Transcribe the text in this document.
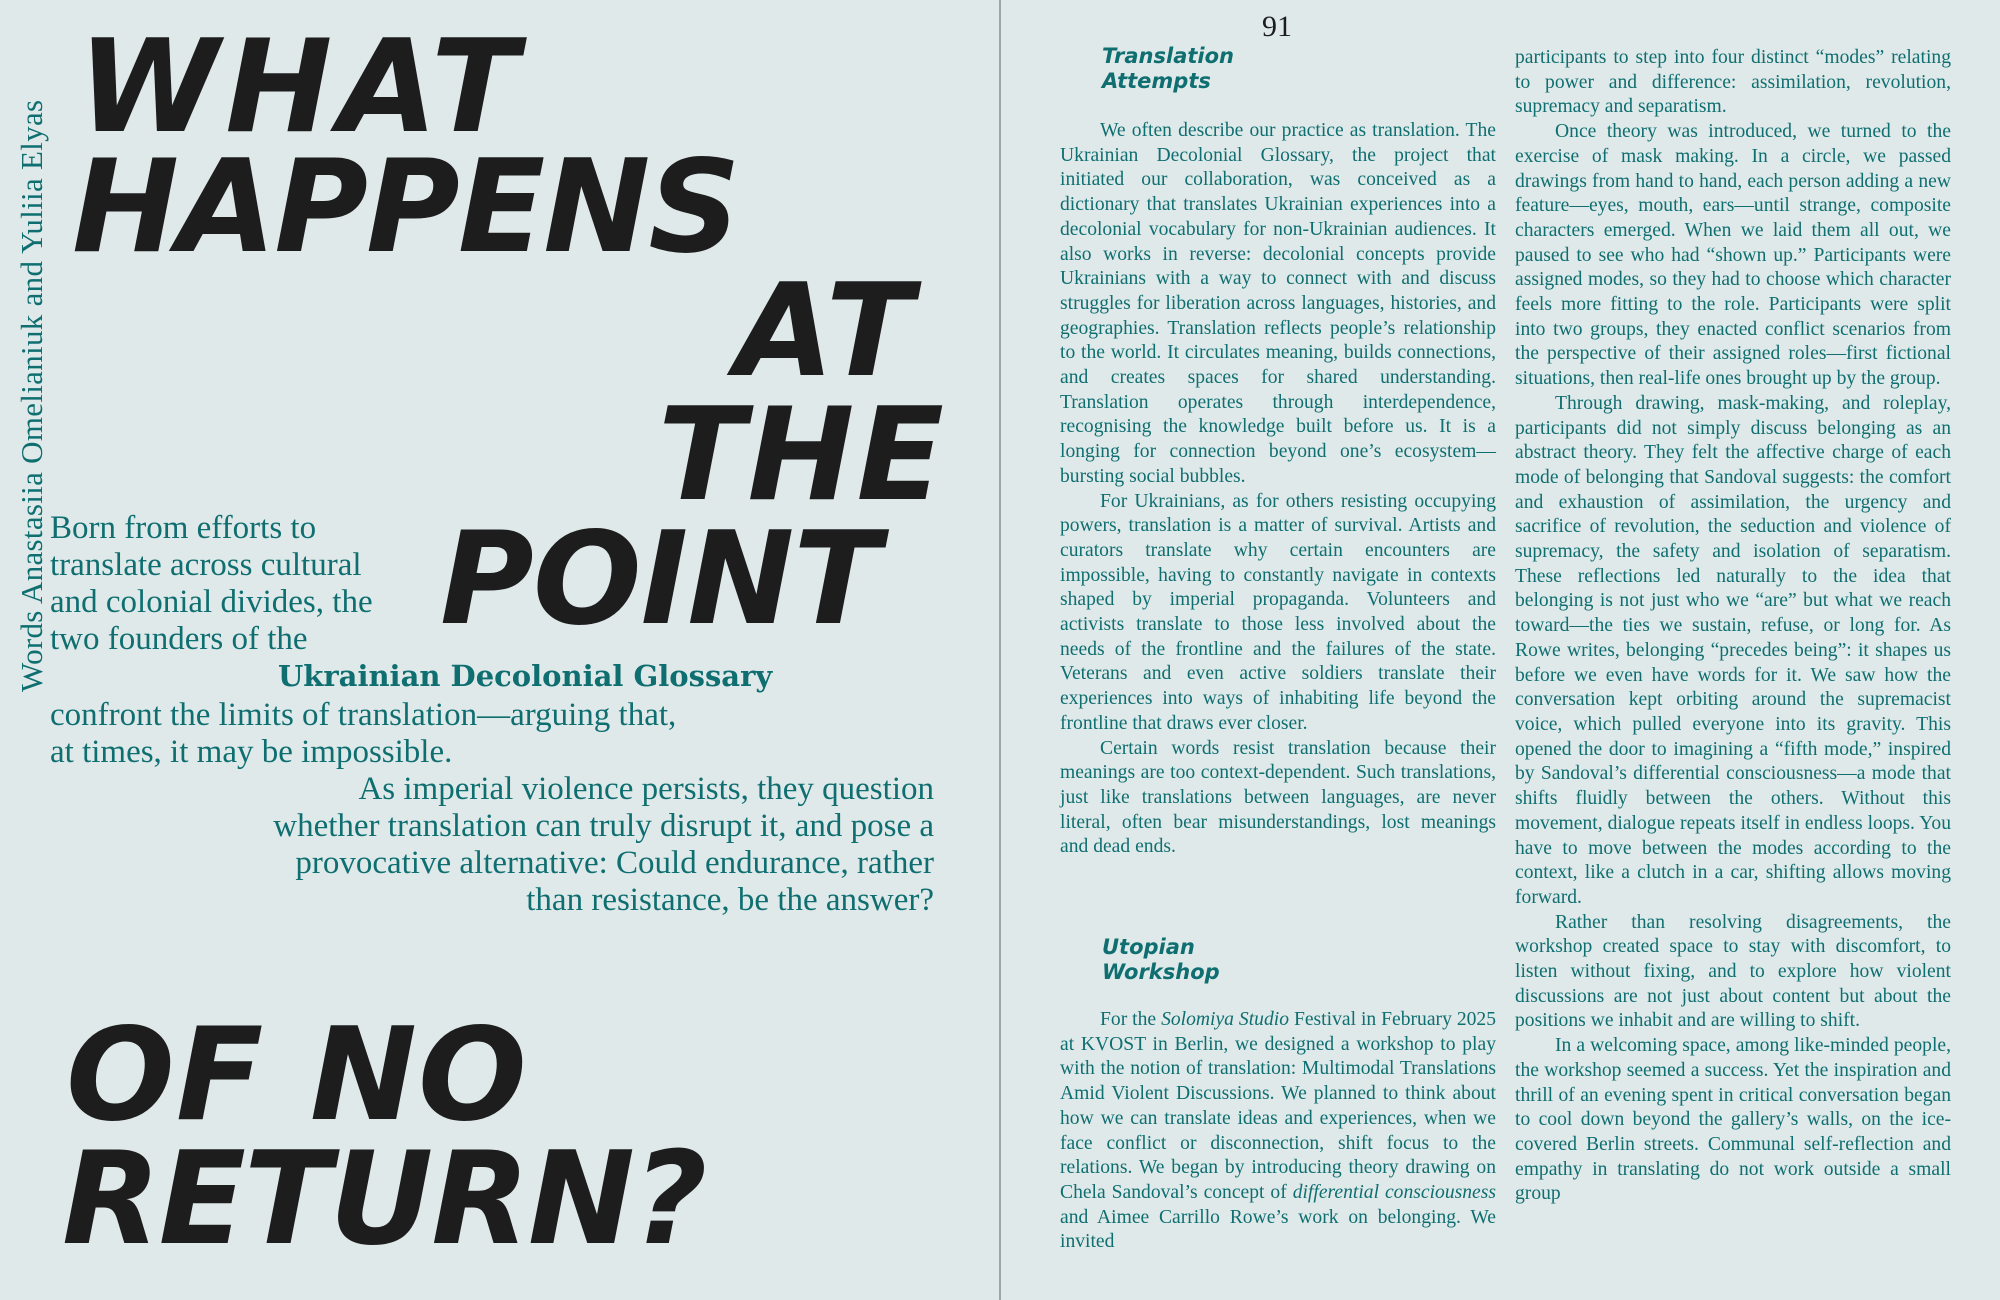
Words Anastasiia Omelianiuk and Yuliia Elyas
WHAT
HAPPENS
AT
THE
POINT
OF NO
RETURN?
Born from efforts to translate across cultural and colonial divides, the two founders of the
Ukrainian Decolonial Glossary
confront the limits of translation—arguing that,
at times, it may be impossible.
As imperial violence persists, they question whether translation can truly disrupt it, and pose a provocative alternative: Could endurance, rather than resistance, be the answer?
91
Translation
Attempts

We often describe our practice as translation. The Ukrainian Decolonial Glossary, the project that initiated our collaboration, was conceived as a dictionary that translates Ukrainian experiences into a decolonial vocabulary for non-Ukrainian audiences. It also works in reverse: decolonial concepts provide Ukrainians with a way to connect with and discuss struggles for liberation across languages, histories, and geographies. Translation reflects people’s relationship to the world. It circulates meaning, builds connections, and creates spaces for shared understanding. Translation operates through interdependence, recognising the knowledge built before us. It is a longing for connection beyond one’s ecosystem—bursting social bubbles.

For Ukrainians, as for others resisting occupying powers, translation is a matter of survival. Artists and curators translate why certain encounters are impossible, having to constantly navigate in contexts shaped by imperial propaganda. Volunteers and activists translate to those less involved about the needs of the frontline and the failures of the state. Veterans and even active soldiers translate their experiences into ways of inhabiting life beyond the frontline that draws ever closer.

Certain words resist translation because their meanings are too context-dependent. Such translations, just like translations between languages, are never literal, often bear misunderstandings, lost meanings and dead ends.

Utopian
Workshop

For the Solomiya Studio Festival in February 2025 at KVOST in Berlin, we designed a workshop to play with the notion of translation: Multimodal Translations Amid Violent Discussions. We planned to think about how we can translate ideas and experiences, when we face conflict or disconnection, shift focus to the relations. We began by introducing theory drawing on Chela Sandoval’s concept of differential consciousness and Aimee Carrillo Rowe’s work on belonging. We invited

participants to step into four distinct “modes” relating to power and difference: assimilation, revolution, supremacy and separatism.

Once theory was introduced, we turned to the exercise of mask making. In a circle, we passed drawings from hand to hand, each person adding a new feature—eyes, mouth, ears—until strange, composite characters emerged. When we laid them all out, we paused to see who had “shown up.” Participants were assigned modes, so they had to choose which character feels more fitting to the role. Participants were split into two groups, they enacted conflict scenarios from the perspective of their assigned roles—first fictional situations, then real-life ones brought up by the group.

Through drawing, mask-making, and roleplay, participants did not simply discuss belonging as an abstract theory. They felt the affective charge of each mode of belonging that Sandoval suggests: the comfort and exhaustion of assimilation, the urgency and sacrifice of revolution, the seduction and violence of supremacy, the safety and isolation of separatism. These reflections led naturally to the idea that belonging is not just who we “are” but what we reach toward—the ties we sustain, refuse, or long for. As Rowe writes, belonging “precedes being”: it shapes us before we even have words for it. We saw how the conversation kept orbiting around the supremacist voice, which pulled everyone into its gravity. This opened the door to imagining a “fifth mode,” inspired by Sandoval’s differential consciousness—a mode that shifts fluidly between the others. Without this movement, dialogue repeats itself in endless loops. You have to move between the modes according to the context, like a clutch in a car, shifting allows moving forward.

Rather than resolving disagreements, the workshop created space to stay with discomfort, to listen without fixing, and to explore how violent discussions are not just about content but about the positions we inhabit and are willing to shift.

In a welcoming space, among like-minded people, the workshop seemed a success. Yet the inspiration and thrill of an evening spent in critical conversation began to cool down beyond the gallery’s walls, on the ice-covered Berlin streets. Communal self-reflection and empathy in translating do not work outside a small group
